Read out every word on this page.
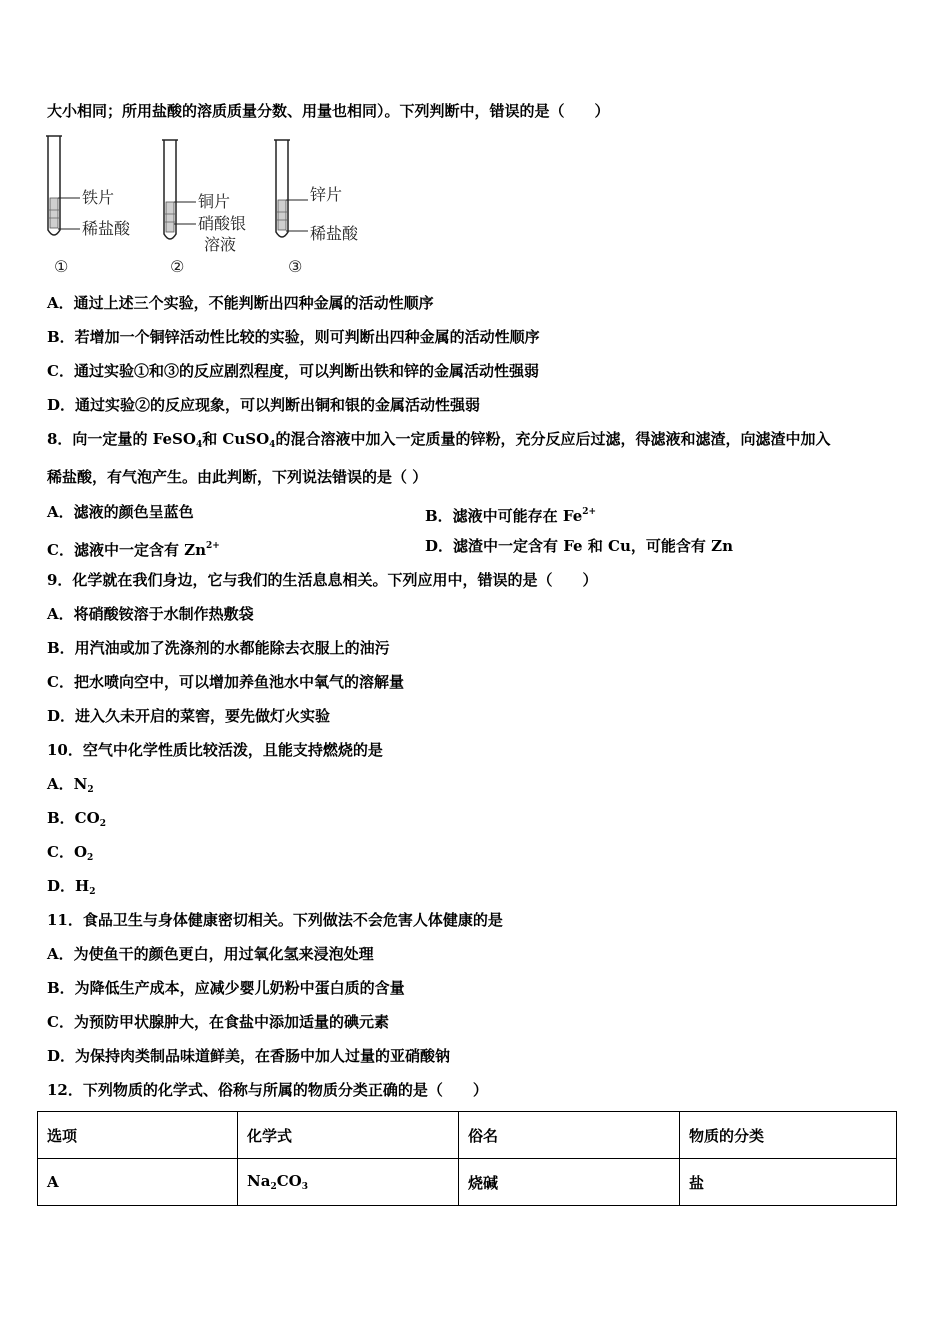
大小相同；所用盐酸的溶质质量分数、用量也相同）。下列判断中，错误的是（　　）
铁片
稀盐酸
①
铜片
硝酸银
溶液
②
锌片
稀盐酸
③
A．通过上述三个实验，不能判断出四种金属的活动性顺序
B．若增加一个铜锌活动性比较的实验，则可判断出四种金属的活动性顺序
C．通过实验①和③的反应剧烈程度，可以判断出铁和锌的金属活动性强弱
D．通过实验②的反应现象，可以判断出铜和银的金属活动性强弱
8．向一定量的 FeSO$_4$和 CuSO$_4$的混合溶液中加入一定质量的锌粉，充分反应后过滤，得滤液和滤渣，向滤渣中加入
稀盐酸，有气泡产生。由此判断，下列说法错误的是（ ）
A．滤液的颜色呈蓝色	B．滤液中可能存在 $Fe^{2+}$
C．滤液中一定含有 $Zn^{2+}$	D．滤渣中一定含有 Fe 和 Cu，可能含有 Zn
9．化学就在我们身边，它与我们的生活息息相关。下列应用中，错误的是（　　）
A．将硝酸铵溶于水制作热敷袋
B．用汽油或加了洗涤剂的水都能除去衣服上的油污
C．把水喷向空中，可以增加养鱼池水中氧气的溶解量
D．进入久未开启的菜窖，要先做灯火实验
10．空气中化学性质比较活泼，且能支持燃烧的是
A．$N_2$
B．$CO_2$
C．$O_2$
D．$H_2$
11．食品卫生与身体健康密切相关。下列做法不会危害人体健康的是
A．为使鱼干的颜色更白，用过氧化氢来浸泡处理
B．为降低生产成本，应减少婴儿奶粉中蛋白质的含量
C．为预防甲状腺肿大，在食盐中添加适量的碘元素
D．为保持肉类制品味道鲜美，在香肠中加人过量的亚硝酸钠
12．下列物质的化学式、俗称与所属的物质分类正确的是（　　）
选项	化学式	俗名	物质的分类
A	$Na_2CO_3$	烧碱	盐
